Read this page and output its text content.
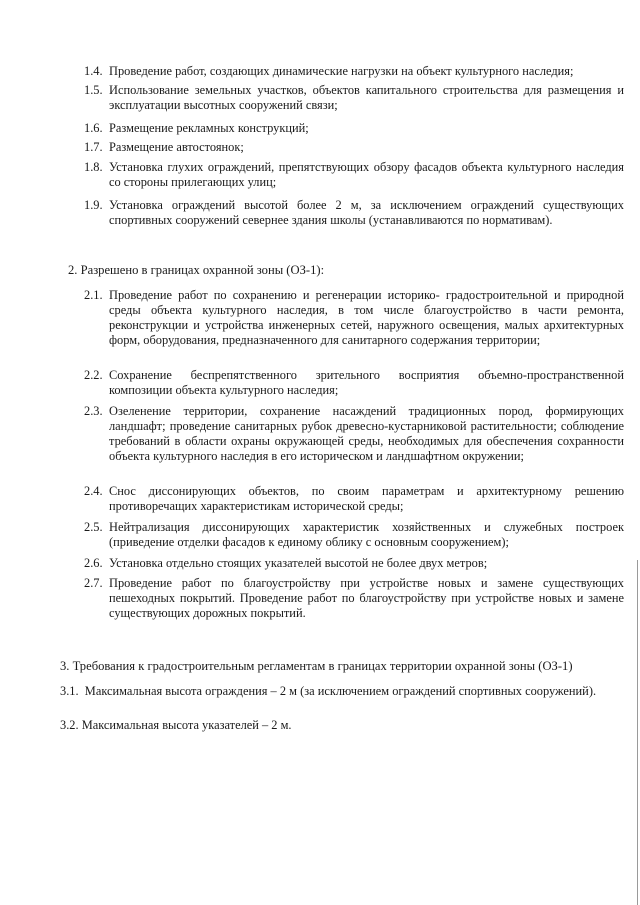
1.4. Проведение работ, создающих динамические нагрузки на объект культурного наследия;
1.5. Использование земельных участков, объектов капитального строительства для размещения и эксплуатации высотных сооружений связи;
1.6. Размещение рекламных конструкций;
1.7. Размещение автостоянок;
1.8. Установка глухих ограждений, препятствующих обзору фасадов объекта культурного наследия со стороны прилегающих улиц;
1.9. Установка ограждений высотой более 2 м, за исключением ограждений существующих спортивных сооружений севернее здания школы (устанавливаются по нормативам).
2. Разрешено в границах охранной зоны (ОЗ-1):
2.1. Проведение работ по сохранению и регенерации историко- градостроительной и природной среды объекта культурного наследия, в том числе благоустройство в части ремонта, реконструкции и устройства инженерных сетей, наружного освещения, малых архитектурных форм, оборудования, предназначенного для санитарного содержания территории;
2.2. Сохранение беспрепятственного зрительного восприятия объемно-пространственной композиции объекта культурного наследия;
2.3. Озеленение территории, сохранение насаждений традиционных пород, формирующих ландшафт; проведение санитарных рубок древесно-кустарниковой растительности; соблюдение требований в области охраны окружающей среды, необходимых для обеспечения сохранности объекта культурного наследия в его историческом и ландшафтном окружении;
2.4. Снос диссонирующих объектов, по своим параметрам и архитектурному решению противоречащих характеристикам исторической среды;
2.5. Нейтрализация диссонирующих характеристик хозяйственных и служебных построек (приведение отделки фасадов к единому облику с основным сооружением);
2.6. Установка отдельно стоящих указателей высотой не более двух метров;
2.7. Проведение работ по благоустройству при устройстве новых и замене существующих пешеходных покрытий. Проведение работ по благоустройству при устройстве новых и замене существующих дорожных покрытий.
3. Требования к градостроительным регламентам в границах территории охранной зоны (ОЗ-1)
3.1. Максимальная высота ограждения – 2 м (за исключением ограждений спортивных сооружений).
3.2. Максимальная высота указателей – 2 м.
